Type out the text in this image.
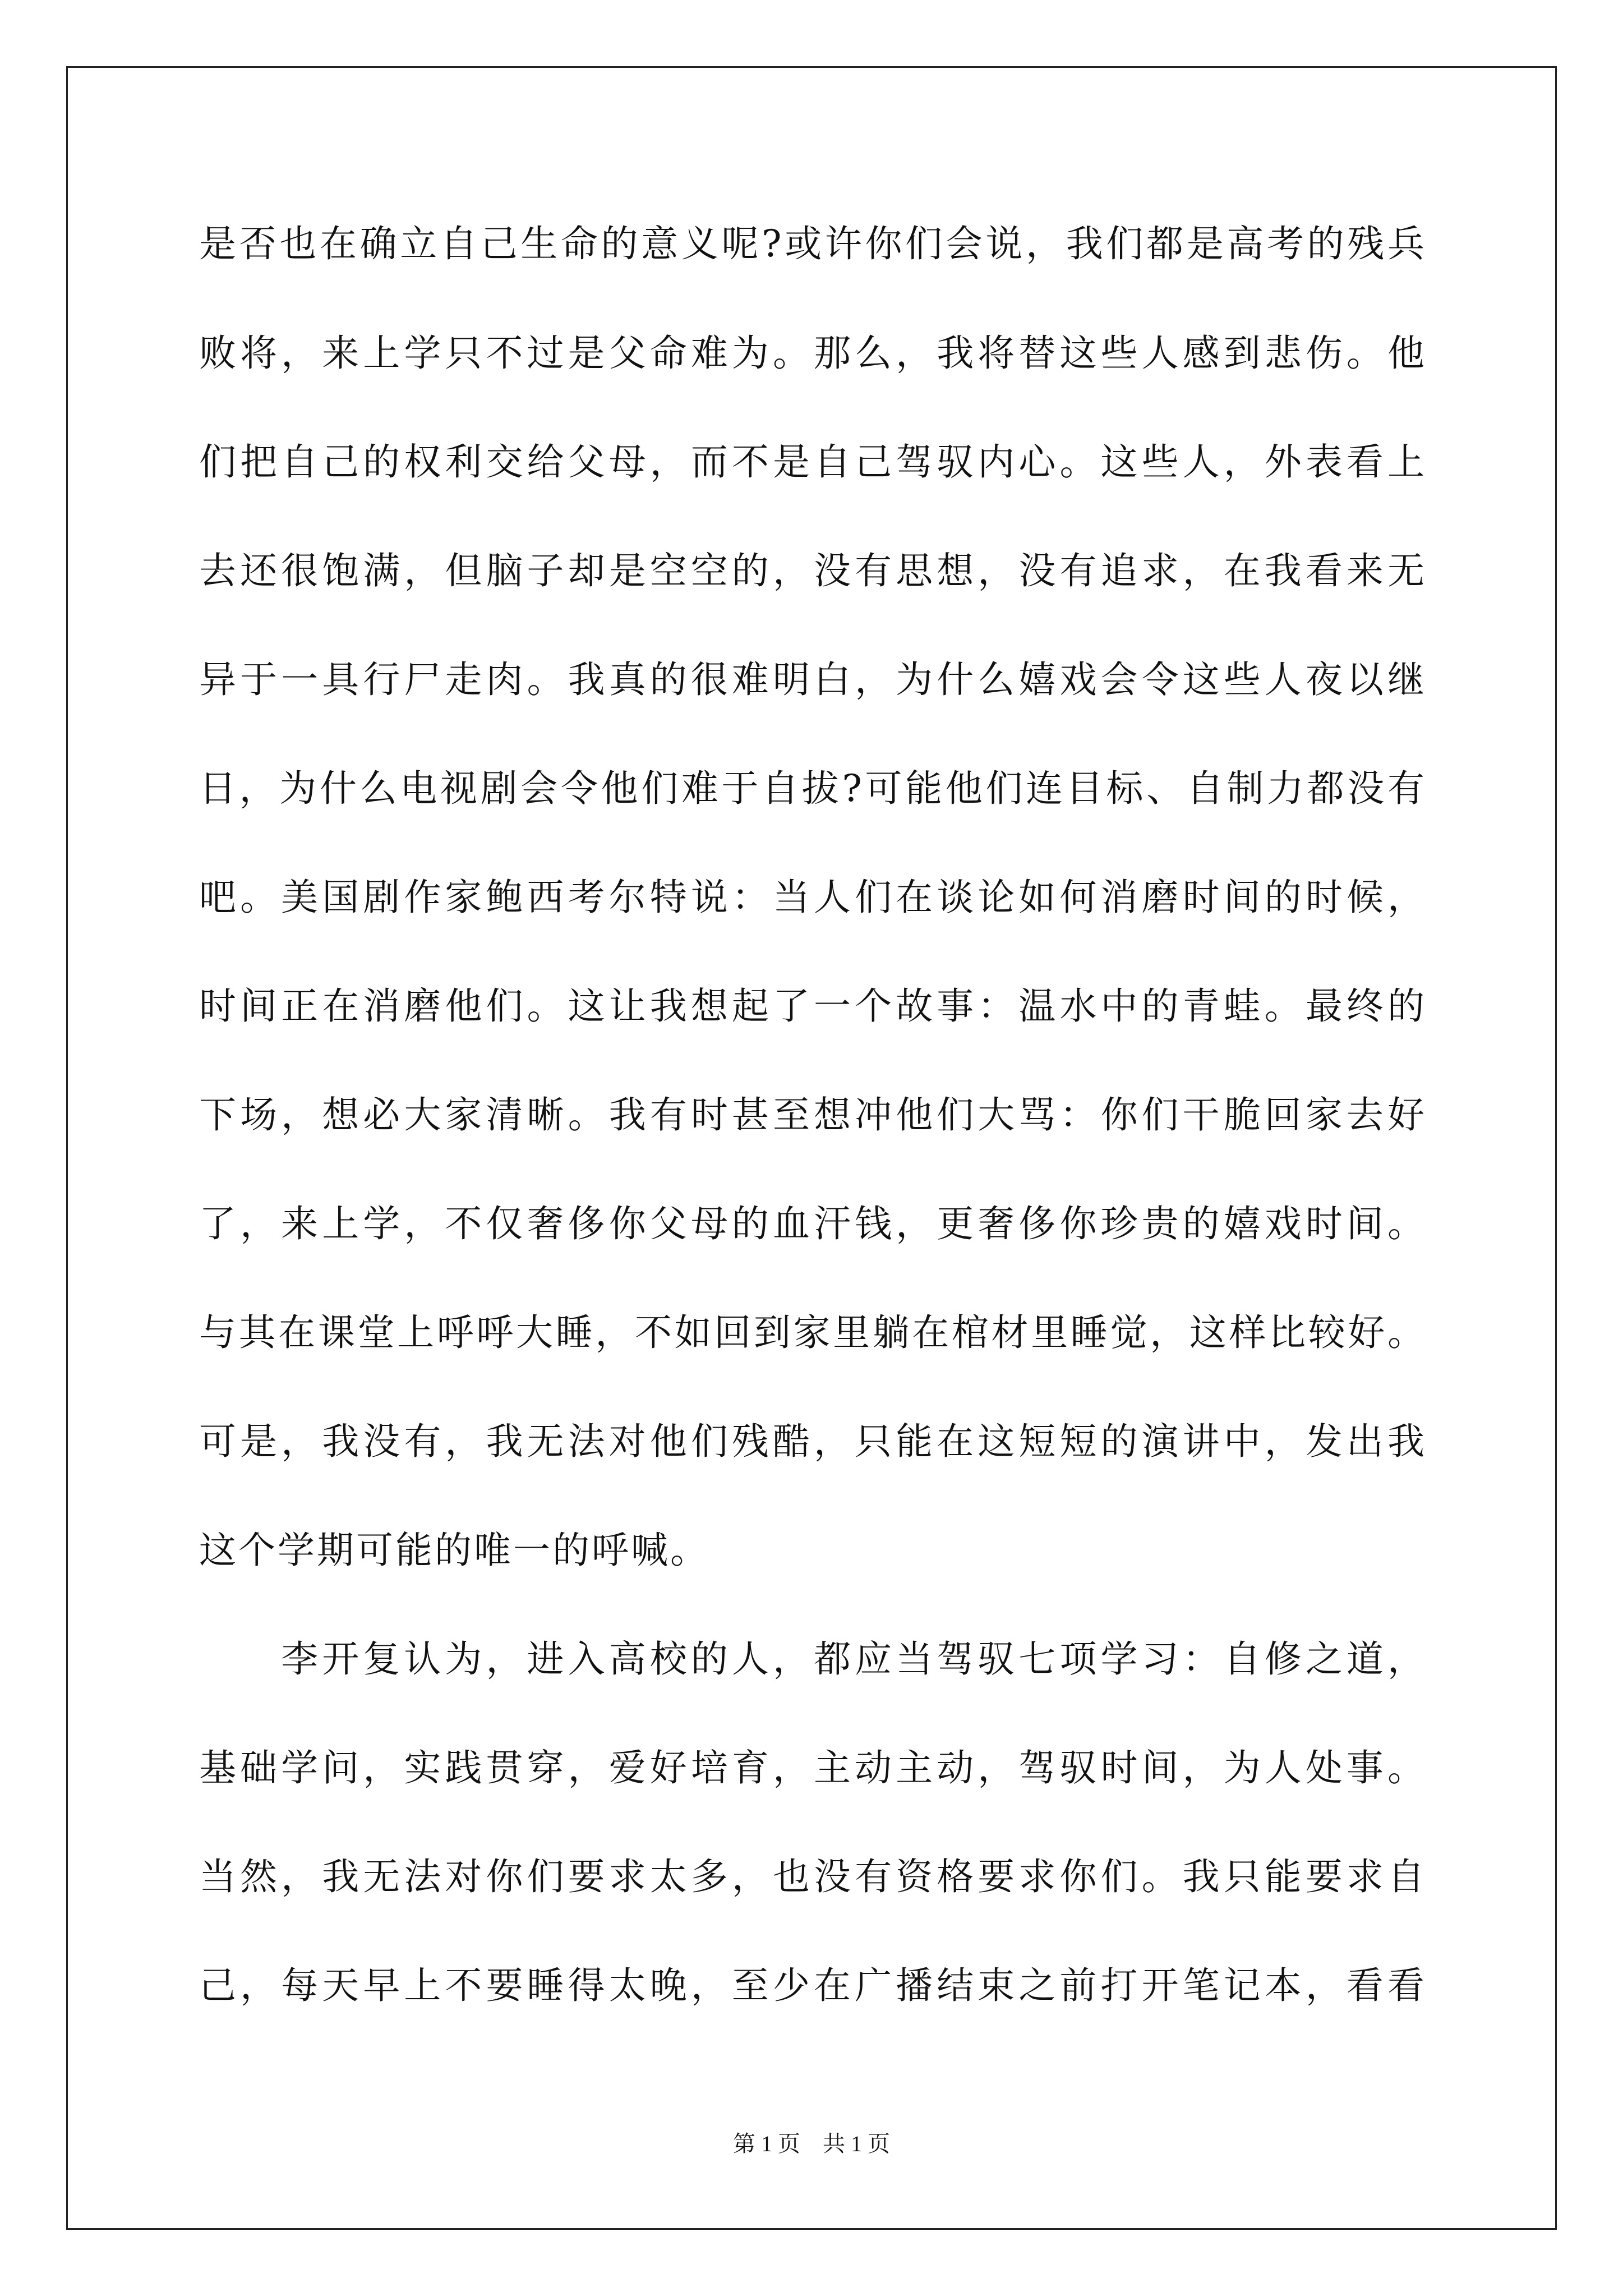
是否也在确立自己生命的意义呢?或许你们会说，我们都是高考的残兵
败将，来上学只不过是父命难为。那么，我将替这些人感到悲伤。他
们把自己的权利交给父母，而不是自己驾驭内心。这些人，外表看上
去还很饱满，但脑子却是空空的，没有思想，没有追求，在我看来无
异于一具行尸走肉。我真的很难明白，为什么嬉戏会令这些人夜以继
日，为什么电视剧会令他们难于自拔?可能他们连目标、自制力都没有
吧。美国剧作家鲍西考尔特说：当人们在谈论如何消磨时间的时候，
时间正在消磨他们。这让我想起了一个故事：温水中的青蛙。最终的
下场，想必大家清晰。我有时甚至想冲他们大骂：你们干脆回家去好
了，来上学，不仅奢侈你父母的血汗钱，更奢侈你珍贵的嬉戏时间。
与其在课堂上呼呼大睡，不如回到家里躺在棺材里睡觉，这样比较好。
可是，我没有，我无法对他们残酷，只能在这短短的演讲中，发出我
这个学期可能的唯一的呼喊。
　　李开复认为，进入高校的人，都应当驾驭七项学习：自修之道，
基础学问，实践贯穿，爱好培育，主动主动，驾驭时间，为人处事。
当然，我无法对你们要求太多，也没有资格要求你们。我只能要求自
己，每天早上不要睡得太晚，至少在广播结束之前打开笔记本，看看
第 1 页　共 1 页
